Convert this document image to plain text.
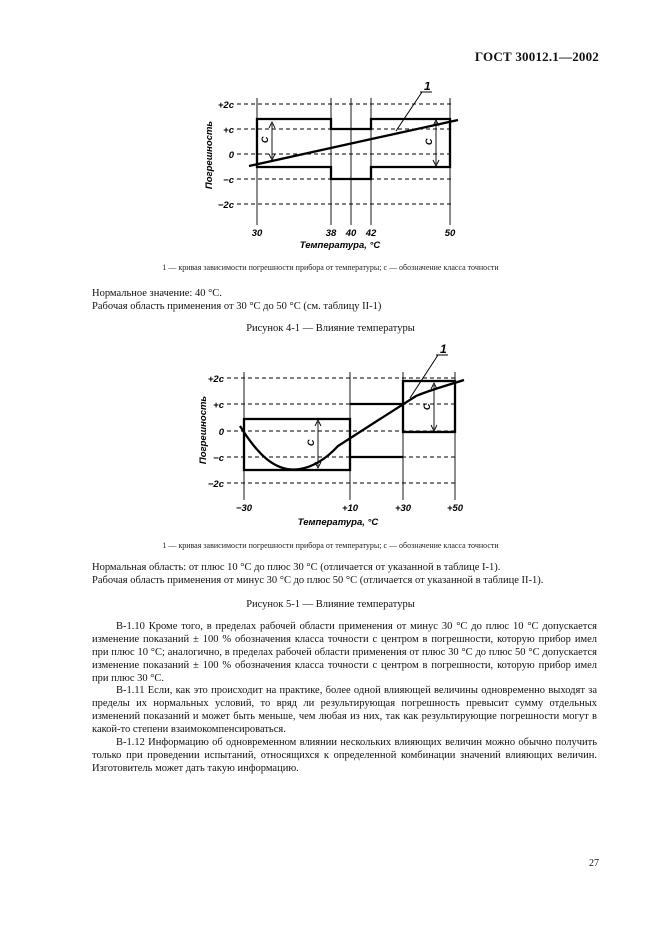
ГОСТ 30012.1—2002
1
C	C
+2c
+c
0
−c
−2c
Погрешность
30	38 40 42	50
Температура, °С
1 — кривая зависимости погрешности прибора от температуры; c — обозначение класса точности
Нормальное значение: 40 °С.
Рабочая область применения от 30 °С до 50 °С (см. таблицу II-1)
Рисунок 4-1 — Влияние температуры
1
C
C
+2c
+c
0
−c
−2c
Погрешность
−30	+10	+30	+50
Температура, °С
1 — кривая зависимости погрешности прибора от температуры; c — обозначение класса точности
Нормальная область: от плюс 10 °С до плюс 30 °С (отличается от указанной в таблице I-1).
Рабочая область применения от минус 30 °С до плюс 50 °С (отличается от указанной в таблице II-1).
Рисунок 5-1 — Влияние температуры
B-1.10 Кроме того, в пределах рабочей области применения от минус 30 °С до плюс 10 °С допускается изменение показаний ± 100 % обозначения класса точности с центром в погрешности, которую прибор имел при плюс 10 °С; аналогично, в пределах рабочей области применения от плюс 30 °С до плюс 50 °С допускается изменение показаний ± 100 % обозначения класса точности с центром в погрешности, которую прибор имел при плюс 30 °С.
B-1.11 Если, как это происходит на практике, более одной влияющей величины одновременно выходят за пределы их нормальных условий, то вряд ли результирующая погрешность превысит сумму отдельных изменений показаний и может быть меньше, чем любая из них, так как результирующие погрешности могут в какой-то степени взаимокомпенсироваться.
B-1.12 Информацию об одновременном влиянии нескольких влияющих величин можно обычно получить только при проведении испытаний, относящихся к определенной комбинации значений влияющих величин. Изготовитель может дать такую информацию.
27
